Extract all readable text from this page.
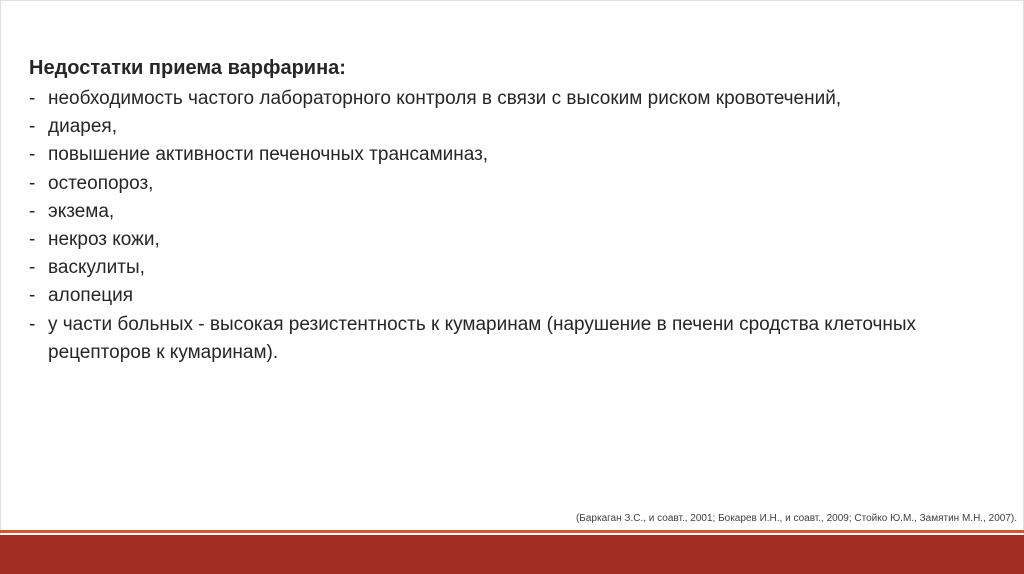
Недостатки приема варфарина:
- необходимость частого лабораторного контроля в связи с высоким риском кровотечений,
- диарея,
- повышение активности печеночных трансаминаз,
- остеопороз,
- экзема,
- некроз кожи,
- васкулиты,
- алопеция
- у части больных - высокая резистентность к кумаринам (нарушение в печени сродства клеточных
рецепторов к кумаринам).

(Баркаган З.С., и соавт., 2001; Бокарев И.Н., и соавт., 2009; Стойко Ю.М., Замятин М.Н., 2007).
